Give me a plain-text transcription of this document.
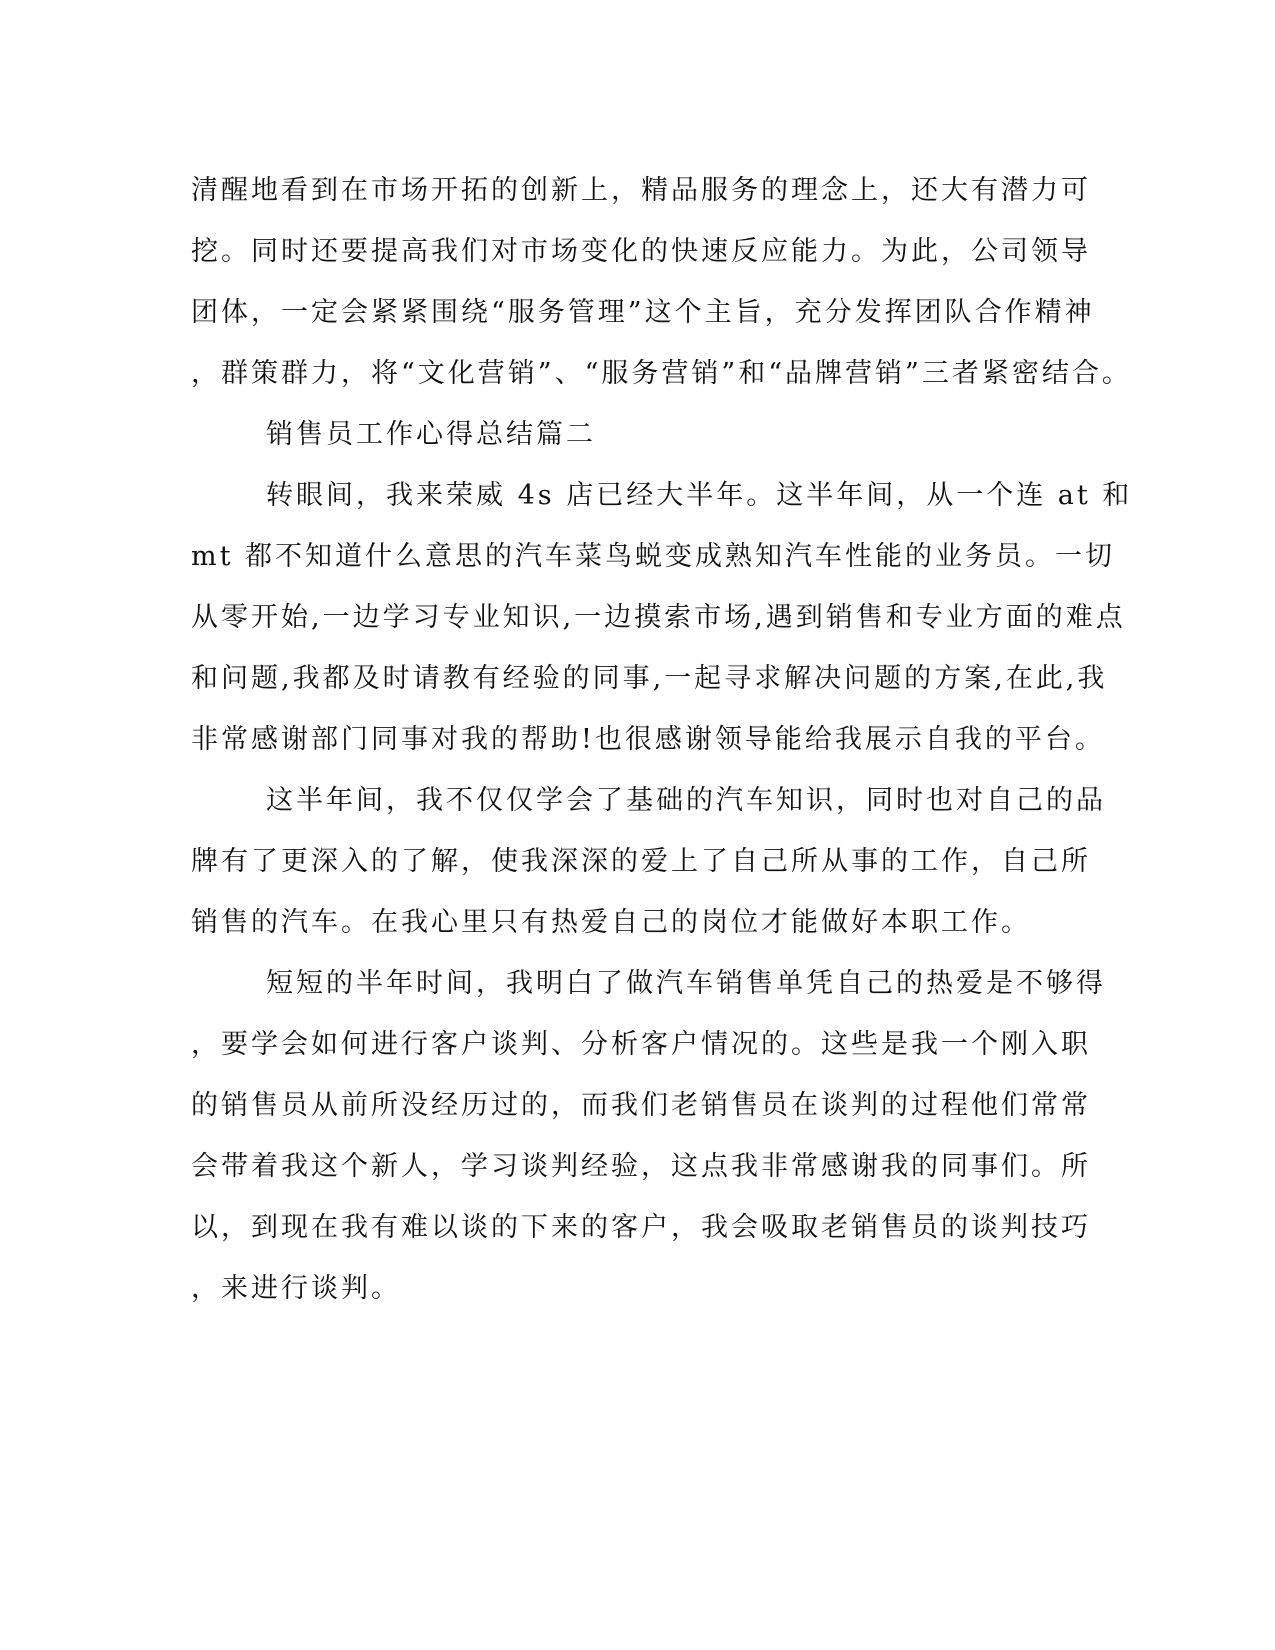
清醒地看到在市场开拓的创新上，精品服务的理念上，还大有潜力可
挖。同时还要提高我们对市场变化的快速反应能力。为此，公司领导
团体，一定会紧紧围绕“服务管理”这个主旨，充分发挥团队合作精神
，群策群力，将“文化营销”、“服务营销”和“品牌营销”三者紧密结合。
销售员工作心得总结篇二
转眼间，我来荣威 4s 店已经大半年。这半年间，从一个连 at 和
mt 都不知道什么意思的汽车菜鸟蜕变成熟知汽车性能的业务员。一切
从零开始,一边学习专业知识,一边摸索市场,遇到销售和专业方面的难点
和问题,我都及时请教有经验的同事,一起寻求解决问题的方案,在此,我
非常感谢部门同事对我的帮助!也很感谢领导能给我展示自我的平台。
这半年间，我不仅仅学会了基础的汽车知识，同时也对自己的品
牌有了更深入的了解，使我深深的爱上了自己所从事的工作，自己所
销售的汽车。在我心里只有热爱自己的岗位才能做好本职工作。
短短的半年时间，我明白了做汽车销售单凭自己的热爱是不够得
，要学会如何进行客户谈判、分析客户情况的。这些是我一个刚入职
的销售员从前所没经历过的，而我们老销售员在谈判的过程他们常常
会带着我这个新人，学习谈判经验，这点我非常感谢我的同事们。所
以，到现在我有难以谈的下来的客户，我会吸取老销售员的谈判技巧
，来进行谈判。
